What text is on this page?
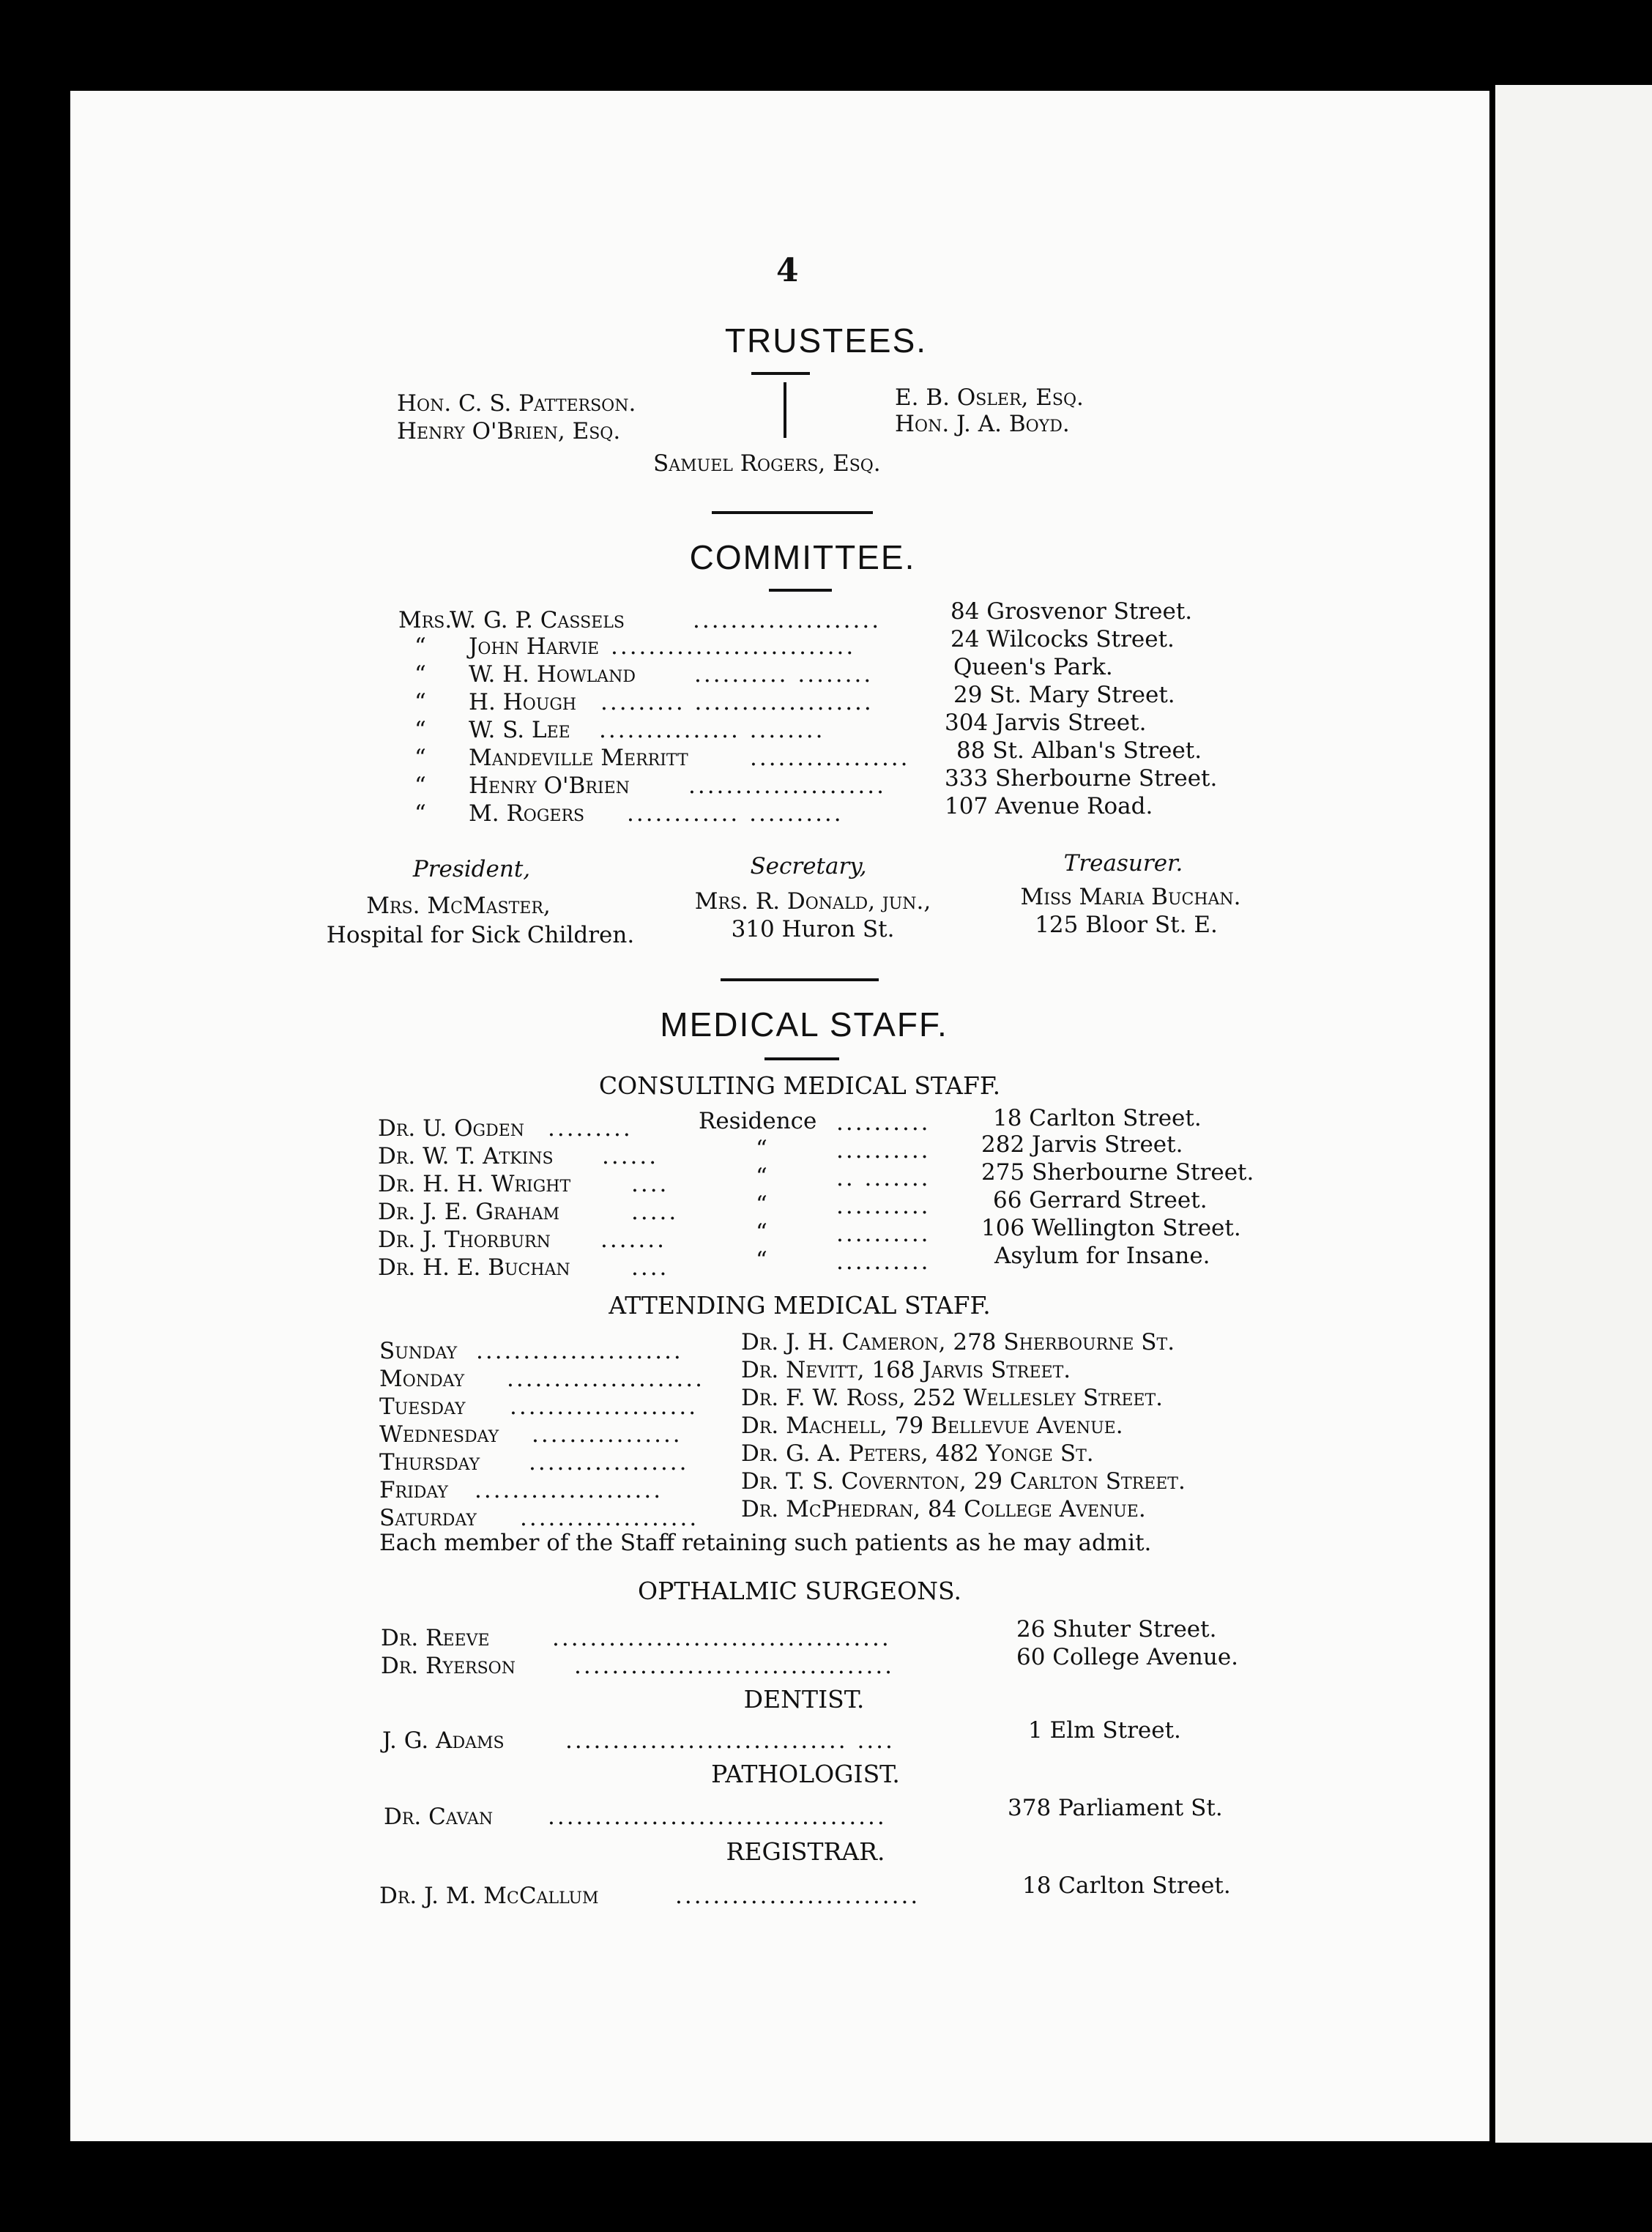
4
TRUSTEES.
Hon. C. S. Patterson.
Henry O'Brien, Esq.
E. B. Osler, Esq.
Hon. J. A. Boyd.
Samuel Rogers, Esq.
COMMITTEE.
Mrs.
W. G. P. Cassels	....................	84 Grosvenor Street.
“ John Harvie ..........................	24 Wilcocks Street.
“ W. H. Howland	.......... ........	Queen's Park.
“ H. Hough ......... ...................	29 St. Mary Street.
“ W. S. Lee ............... ........	304 Jarvis Street.
“ Mandeville Merritt	................. 88 St. Alban's Street.
“ Henry O'Brien	.....................	333 Sherbourne Street.
“ M. Rogers ............ ..........	107 Avenue Road.
President,
Mrs. McMaster,
Hospital for Sick Children.
Secretary,
Mrs. R. Donald, jun.,
310 Huron St.
Treasurer.
Miss Maria Buchan.
125 Bloor St. E.
MEDICAL STAFF.
CONSULTING MEDICAL STAFF.
Dr. U. Ogden .........	Residence ..........	18 Carlton Street.
Dr. W. T. Atkins ......	“	.......... 282 Jarvis Street.
Dr. H. H. Wright	....	“	.. ....... 275 Sherbourne Street.
Dr. J. E. Graham	.....	“	..........	66 Gerrard Street.
Dr. J. Thorburn .......	“	.......... 106 Wellington Street.
Dr. H. E. Buchan	....	“	..........	Asylum for Insane.
ATTENDING MEDICAL STAFF.
Sunday ......................	Dr. J. H. Cameron, 278 Sherbourne St.
Monday ..................... Dr. Nevitt, 168 Jarvis Street.
Tuesday .................... Dr. F. W. Ross, 252 Wellesley Street.
Wednesday ................	Dr. Machell, 79 Bellevue Avenue.
Thursday ................. Dr. G. A. Peters, 482 Yonge St.
Friday ....................	Dr. T. S. Covernton, 29 Carlton Street.
Saturday ................... Dr. McPhedran, 84 College Avenue.
Each member of the Staff retaining such patients as he may admit.
OPTHALMIC SURGEONS.
Dr. Reeve	....................................	26 Shuter Street.
Dr. Ryerson	..................................	60 College Avenue.
DENTIST.
J. G. Adams	.............................. ....	1 Elm Street.
PATHOLOGIST.
Dr. Cavan ....................................	378 Parliament St.
REGISTRAR.
Dr. J. M. McCallum	..........................	18 Carlton Street.
